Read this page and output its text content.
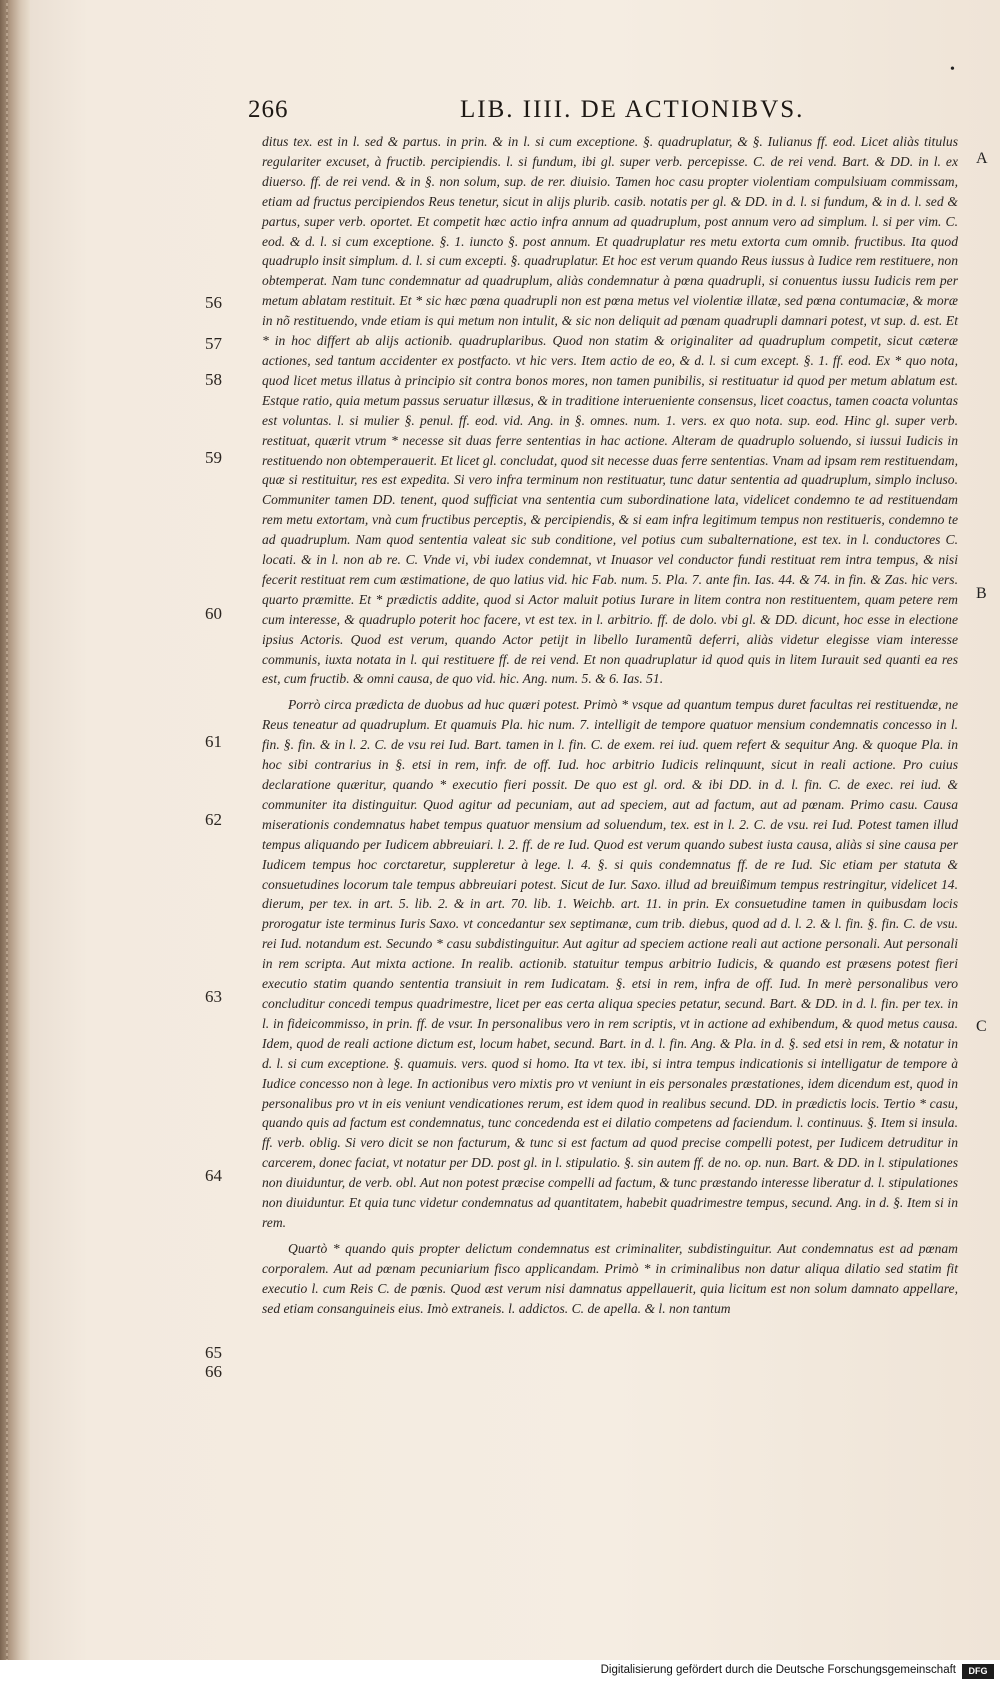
•
266	LIB. IIII. DE ACTIONIBVS.
A
B
C
56
57
58
59
60
61
62
63
64
65
66

ditus tex. est in l. sed & partus. in prin. & in l. si cum exceptione. §. quadruplatur, & §. Iulianus ff. eod. Licet aliàs titulus regulariter excuset, à fructib. percipiendis. l. si fundum, ibi gl. super verb. percepisse. C. de rei vend. Bart. & DD. in l. ex diuerso. ff. de rei vend. & in §. non solum, sup. de rer. diuisio. Tamen hoc casu propter violentiam compulsiuam commissam, etiam ad fructus percipiendos Reus tenetur, sicut in alijs plurib. casib. notatis per gl. & DD. in d. l. si fundum, & in d. l. sed & partus, super verb. oportet. Et competit hæc actio infra annum ad quadruplum, post annum vero ad simplum. l. si per vim. C. eod. & d. l. si cum exceptione. §. 1. iuncto §. post annum. Et quadruplatur res metu extorta cum omnib. fructibus. Ita quod quadruplo insit simplum. d. l. si cum excepti. §. quadruplatur. Et hoc est verum quando Reus iussus à Iudice rem restituere, non obtemperat. Nam tunc condemnatur ad quadruplum, aliàs condemnatur à pœna quadrupli, si conuentus iussu Iudicis rem per metum ablatam restituit. Et * sic hæc pœna quadrupli non est pœna metus vel violentiæ illatæ, sed pœna contumaciæ, & moræ in nõ restituendo, vnde etiam is qui metum non intulit, & sic non deliquit ad pœnam quadrupli damnari potest, vt sup. d. est. Et * in hoc differt ab alijs actionib. quadruplaribus. Quod non statim & originaliter ad quadruplum competit, sicut cæteræ actiones, sed tantum accidenter ex postfacto. vt hic vers. Item actio de eo, & d. l. si cum except. §. 1. ff. eod. Ex * quo nota, quod licet metus illatus à principio sit contra bonos mores, non tamen punibilis, si restituatur id quod per metum ablatum est. Estque ratio, quia metum passus seruatur illæsus, & in traditione interueniente consensus, licet coactus, tamen coacta voluntas est voluntas. l. si mulier §. penul. ff. eod. vid. Ang. in §. omnes. num. 1. vers. ex quo nota. sup. eod. Hinc gl. super verb. restituat, quærit vtrum * necesse sit duas ferre sententias in hac actione. Alteram de quadruplo soluendo, si iussui Iudicis in restituendo non obtemperauerit. Et licet gl. concludat, quod sit necesse duas ferre sententias. Vnam ad ipsam rem restituendam, quæ si restituitur, res est expedita. Si vero infra terminum non restituatur, tunc datur sententia ad quadruplum, simplo incluso. Communiter tamen DD. tenent, quod sufficiat vna sententia cum subordinatione lata, videlicet condemno te ad restituendam rem metu extortam, vnà cum fructibus perceptis, & percipiendis, & si eam infra legitimum tempus non restitueris, condemno te ad quadruplum. Nam quod sententia valeat sic sub conditione, vel potius cum subalternatione, est tex. in l. conductores C. locati. & in l. non ab re. C. Vnde vi, vbi iudex condemnat, vt Inuasor vel conductor fundi restituat rem intra tempus, & nisi fecerit restituat rem cum æstimatione, de quo latius vid. hic Fab. num. 5. Pla. 7. ante fin. Ias. 44. & 74. in fin. & Zas. hic vers. quarto præmitte. Et * prædictis addite, quod si Actor maluit potius Iurare in litem contra non restituentem, quam petere rem cum interesse, & quadruplo poterit hoc facere, vt est tex. in l. arbitrio. ff. de dolo. vbi gl. & DD. dicunt, hoc esse in electione ipsius Actoris. Quod est verum, quando Actor petijt in libello Iuramentũ deferri, aliàs videtur elegisse viam interesse communis, iuxta notata in l. qui restituere ff. de rei vend. Et non quadruplatur id quod quis in litem Iurauit sed quanti ea res est, cum fructib. & omni causa, de quo vid. hic. Ang. num. 5. & 6. Ias. 51.

Porrò circa prædicta de duobus ad huc quæri potest. Primò * vsque ad quantum tempus duret facultas rei restituendæ, ne Reus teneatur ad quadruplum. Et quamuis Pla. hic num. 7. intelligit de tempore quatuor mensium condemnatis concesso in l. fin. §. fin. & in l. 2. C. de vsu rei Iud. Bart. tamen in l. fin. C. de exem. rei iud. quem refert & sequitur Ang. & quoque Pla. in hoc sibi contrarius in §. etsi in rem, infr. de off. Iud. hoc arbitrio Iudicis relinquunt, sicut in reali actione. Pro cuius declaratione quæritur, quando * executio fieri possit. De quo est gl. ord. & ibi DD. in d. l. fin. C. de exec. rei iud. & communiter ita distinguitur. Quod agitur ad pecuniam, aut ad speciem, aut ad factum, aut ad pœnam. Primo casu. Causa miserationis condemnatus habet tempus quatuor mensium ad soluendum, tex. est in l. 2. C. de vsu. rei Iud. Potest tamen illud tempus aliquando per Iudicem abbreuiari. l. 2. ff. de re Iud. Quod est verum quando subest iusta causa, aliàs si sine causa per Iudicem tempus hoc corctaretur, suppleretur à lege. l. 4. §. si quis condemnatus ff. de re Iud. Sic etiam per statuta & consuetudines locorum tale tempus abbreuiari potest. Sicut de Iur. Saxo. illud ad breuißimum tempus restringitur, videlicet 14. dierum, per tex. in art. 5. lib. 2. & in art. 70. lib. 1. Weichb. art. 11. in prin. Ex consuetudine tamen in quibusdam locis prorogatur iste terminus Iuris Saxo. vt concedantur sex septimanæ, cum trib. diebus, quod ad d. l. 2. & l. fin. §. fin. C. de vsu. rei Iud. notandum est. Secundo * casu subdistinguitur. Aut agitur ad speciem actione reali aut actione personali. Aut personali in rem scripta. Aut mixta actione. In realib. actionib. statuitur tempus arbitrio Iudicis, & quando est præsens potest fieri executio statim quando sententia transiuit in rem Iudicatam. §. etsi in rem, infra de off. Iud. In merè personalibus vero concluditur concedi tempus quadrimestre, licet per eas certa aliqua species petatur, secund. Bart. & DD. in d. l. fin. per tex. in l. in fideicommisso, in prin. ff. de vsur. In personalibus vero in rem scriptis, vt in actione ad exhibendum, & quod metus causa. Idem, quod de reali actione dictum est, locum habet, secund. Bart. in d. l. fin. Ang. & Pla. in d. §. sed etsi in rem, & notatur in d. l. si cum exceptione. §. quamuis. vers. quod si homo. Ita vt tex. ibi, si intra tempus indicationis si intelligatur de tempore à Iudice concesso non à lege. In actionibus vero mixtis pro vt veniunt in eis personales præstationes, idem dicendum est, quod in personalibus pro vt in eis veniunt vendicationes rerum, est idem quod in realibus secund. DD. in prædictis locis. Tertio * casu, quando quis ad factum est condemnatus, tunc concedenda est ei dilatio competens ad faciendum. l. continuus. §. Item si insula. ff. verb. oblig. Si vero dicit se non facturum, & tunc si est factum ad quod precise compelli potest, per Iudicem detruditur in carcerem, donec faciat, vt notatur per DD. post gl. in l. stipulatio. §. sin autem ff. de no. op. nun. Bart. & DD. in l. stipulationes non diuiduntur, de verb. obl. Aut non potest præcise compelli ad factum, & tunc præstando interesse liberatur d. l. stipulationes non diuiduntur. Et quia tunc videtur condemnatus ad quantitatem, habebit quadrimestre tempus, secund. Ang. in d. §. Item si in rem.

Quartò * quando quis propter delictum condemnatus est criminaliter, subdistinguitur. Aut condemnatus est ad pœnam corporalem. Aut ad pœnam pecuniarium fisco applicandam. Primò * in criminalibus non datur aliqua dilatio sed statim fit executio l. cum Reis C. de pœnis. Quod æst verum nisi damnatus appellauerit, quia licitum est non solum damnato appellare, sed etiam consanguineis eius. Imò extraneis. l. addictos. C. de apella. & l. non tantum

Digitalisierung gefördert durch die Deutsche Forschungsgemeinschaft	DFG
